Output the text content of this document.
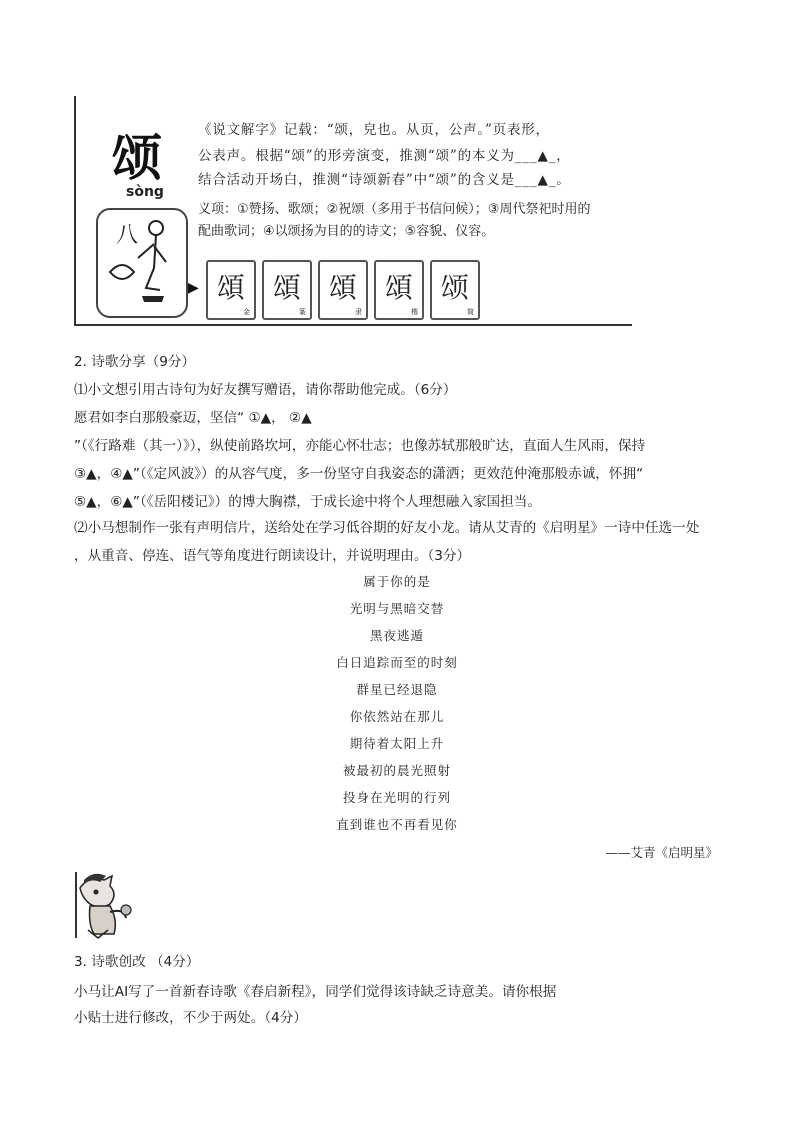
颂
sòng
八
▶ 頌
金
頌
篆
頌
隶
頌
楷
颂
简
《说文解字》记载：“颂，皃也。从页，公声。”页表形，
公表声。根据“颂”的形旁演变，推测“颂”的本义为___▲_，
结合活动开场白，推测“诗颂新春”中“颂”的含义是___▲_。
义项：①赞扬、歌颂；②祝颂（多用于书信问候）；③周代祭祀时用的
配曲歌词；④以颂扬为目的的诗文；⑤容貌、仪容。
2. 诗歌分享（9分）
⑴小文想引用古诗句为好友撰写赠语，请你帮助他完成。（6分）
愿君如李白那般豪迈，坚信“ ①▲， ②▲
”（《行路难（其一）》），纵使前路坎坷，亦能心怀壮志；也像苏轼那般旷达，直面人生风雨，保持
③▲，④▲”（《定风波》）的从容气度，多一份坚守自我姿态的潇洒；更效范仲淹那般赤诚，怀拥“
⑤▲，⑥▲”（《岳阳楼记》）的博大胸襟，于成长途中将个人理想融入家国担当。
⑵小马想制作一张有声明信片，送给处在学习低谷期的好友小龙。请从艾青的《启明星》一诗中任选一处
，从重音、停连、语气等角度进行朗读设计，并说明理由。（3分）
属于你的是
光明与黑暗交替
黑夜逃遁
白日追踪而至的时刻
群星已经退隐
你依然站在那儿
期待着太阳上升
被最初的晨光照射
投身在光明的行列
直到谁也不再看见你
——艾青《启明星》
3. 诗歌创改 （4分）
小马让AI写了一首新春诗歌《春启新程》，同学们觉得该诗缺乏诗意美。请你根据
小贴士进行修改，不少于两处。（4分）
